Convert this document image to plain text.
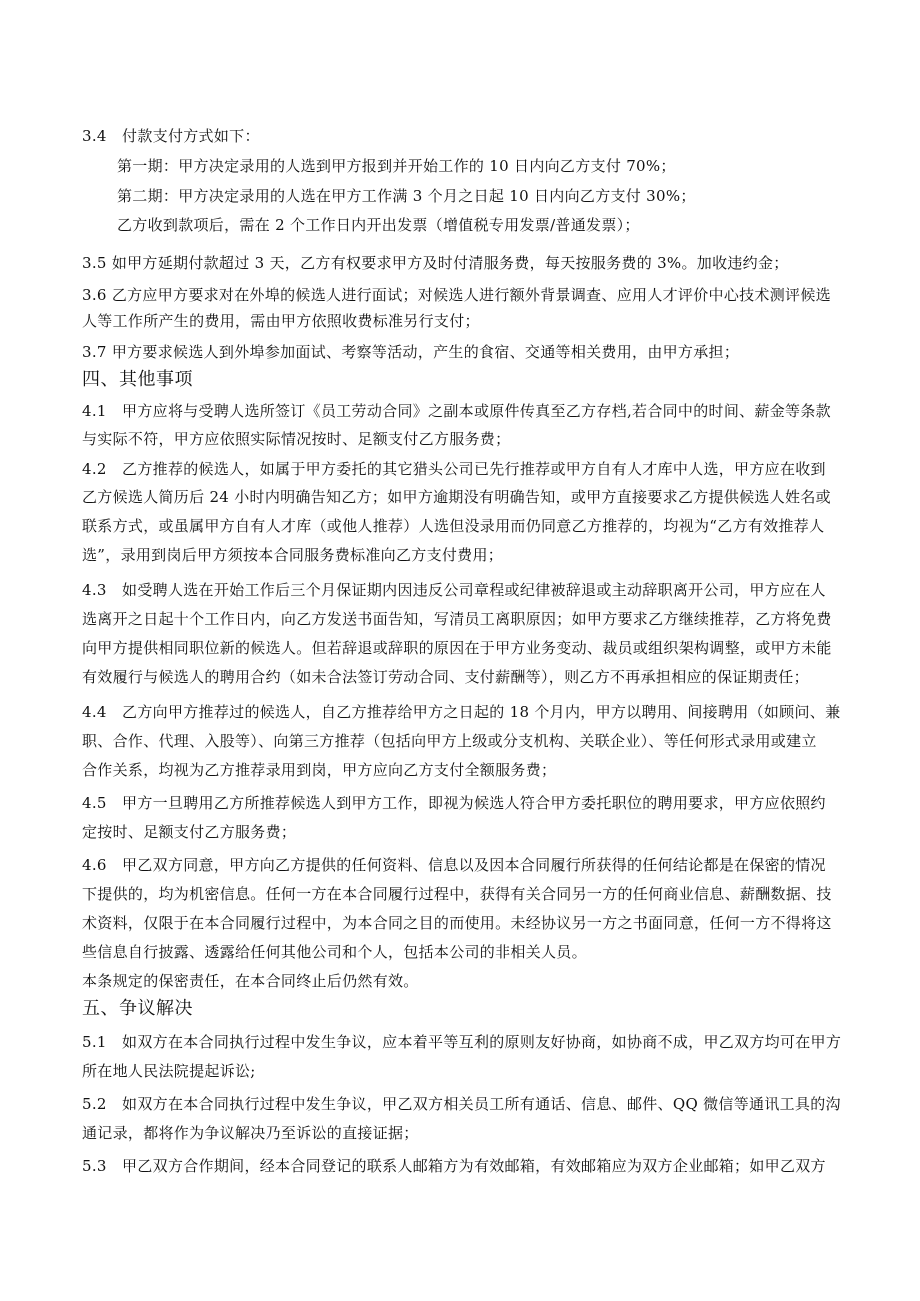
3.4　付款支付方式如下：
第一期：甲方决定录用的人选到甲方报到并开始工作的 10 日内向乙方支付 70%；
第二期：甲方决定录用的人选在甲方工作满 3 个月之日起 10 日内向乙方支付 30%；
乙方收到款项后，需在 2 个工作日内开出发票（增值税专用发票/普通发票）；
3.5 如甲方延期付款超过 3 天，乙方有权要求甲方及时付清服务费，每天按服务费的 3%。加收违约金；
3.6 乙方应甲方要求对在外埠的候选人进行面试；对候选人进行额外背景调查、应用人才评价中心技术测评候选
人等工作所产生的费用，需由甲方依照收费标准另行支付；
3.7 甲方要求候选人到外埠参加面试、考察等活动，产生的食宿、交通等相关费用，由甲方承担；
四、其他事项
4.1　甲方应将与受聘人选所签订《员工劳动合同》之副本或原件传真至乙方存档,若合同中的时间、薪金等条款
与实际不符，甲方应依照实际情况按时、足额支付乙方服务费；
4.2　乙方推荐的候选人，如属于甲方委托的其它猎头公司已先行推荐或甲方自有人才库中人选，甲方应在收到
乙方候选人简历后 24 小时内明确告知乙方；如甲方逾期没有明确告知，或甲方直接要求乙方提供候选人姓名或
联系方式，或虽属甲方自有人才库（或他人推荐）人选但没录用而仍同意乙方推荐的，均视为“乙方有效推荐人
选”，录用到岗后甲方须按本合同服务费标准向乙方支付费用；
4.3　如受聘人选在开始工作后三个月保证期内因违反公司章程或纪律被辞退或主动辞职离开公司，甲方应在人
选离开之日起十个工作日内，向乙方发送书面告知，写清员工离职原因；如甲方要求乙方继续推荐，乙方将免费
向甲方提供相同职位新的候选人。但若辞退或辞职的原因在于甲方业务变动、裁员或组织架构调整，或甲方未能
有效履行与候选人的聘用合约（如未合法签订劳动合同、支付薪酬等），则乙方不再承担相应的保证期责任；
4.4　乙方向甲方推荐过的候选人，自乙方推荐给甲方之日起的 18 个月内，甲方以聘用、间接聘用（如顾问、兼
职、合作、代理、入股等）、向第三方推荐（包括向甲方上级或分支机构、关联企业）、等任何形式录用或建立
合作关系，均视为乙方推荐录用到岗，甲方应向乙方支付全额服务费；
4.5　甲方一旦聘用乙方所推荐候选人到甲方工作，即视为候选人符合甲方委托职位的聘用要求，甲方应依照约
定按时、足额支付乙方服务费；
4.6　甲乙双方同意，甲方向乙方提供的任何资料、信息以及因本合同履行所获得的任何结论都是在保密的情况
下提供的，均为机密信息。任何一方在本合同履行过程中，获得有关合同另一方的任何商业信息、薪酬数据、技
术资料，仅限于在本合同履行过程中，为本合同之目的而使用。未经协议另一方之书面同意，任何一方不得将这
些信息自行披露、透露给任何其他公司和个人，包括本公司的非相关人员。
本条规定的保密责任，在本合同终止后仍然有效。
五、争议解决
5.1　如双方在本合同执行过程中发生争议，应本着平等互利的原则友好协商，如协商不成，甲乙双方均可在甲方
所在地人民法院提起诉讼;
5.2　如双方在本合同执行过程中发生争议，甲乙双方相关员工所有通话、信息、邮件、QQ 微信等通讯工具的沟
通记录，都将作为争议解决乃至诉讼的直接证据；
5.3　甲乙双方合作期间，经本合同登记的联系人邮箱方为有效邮箱，有效邮箱应为双方企业邮箱；如甲乙双方
